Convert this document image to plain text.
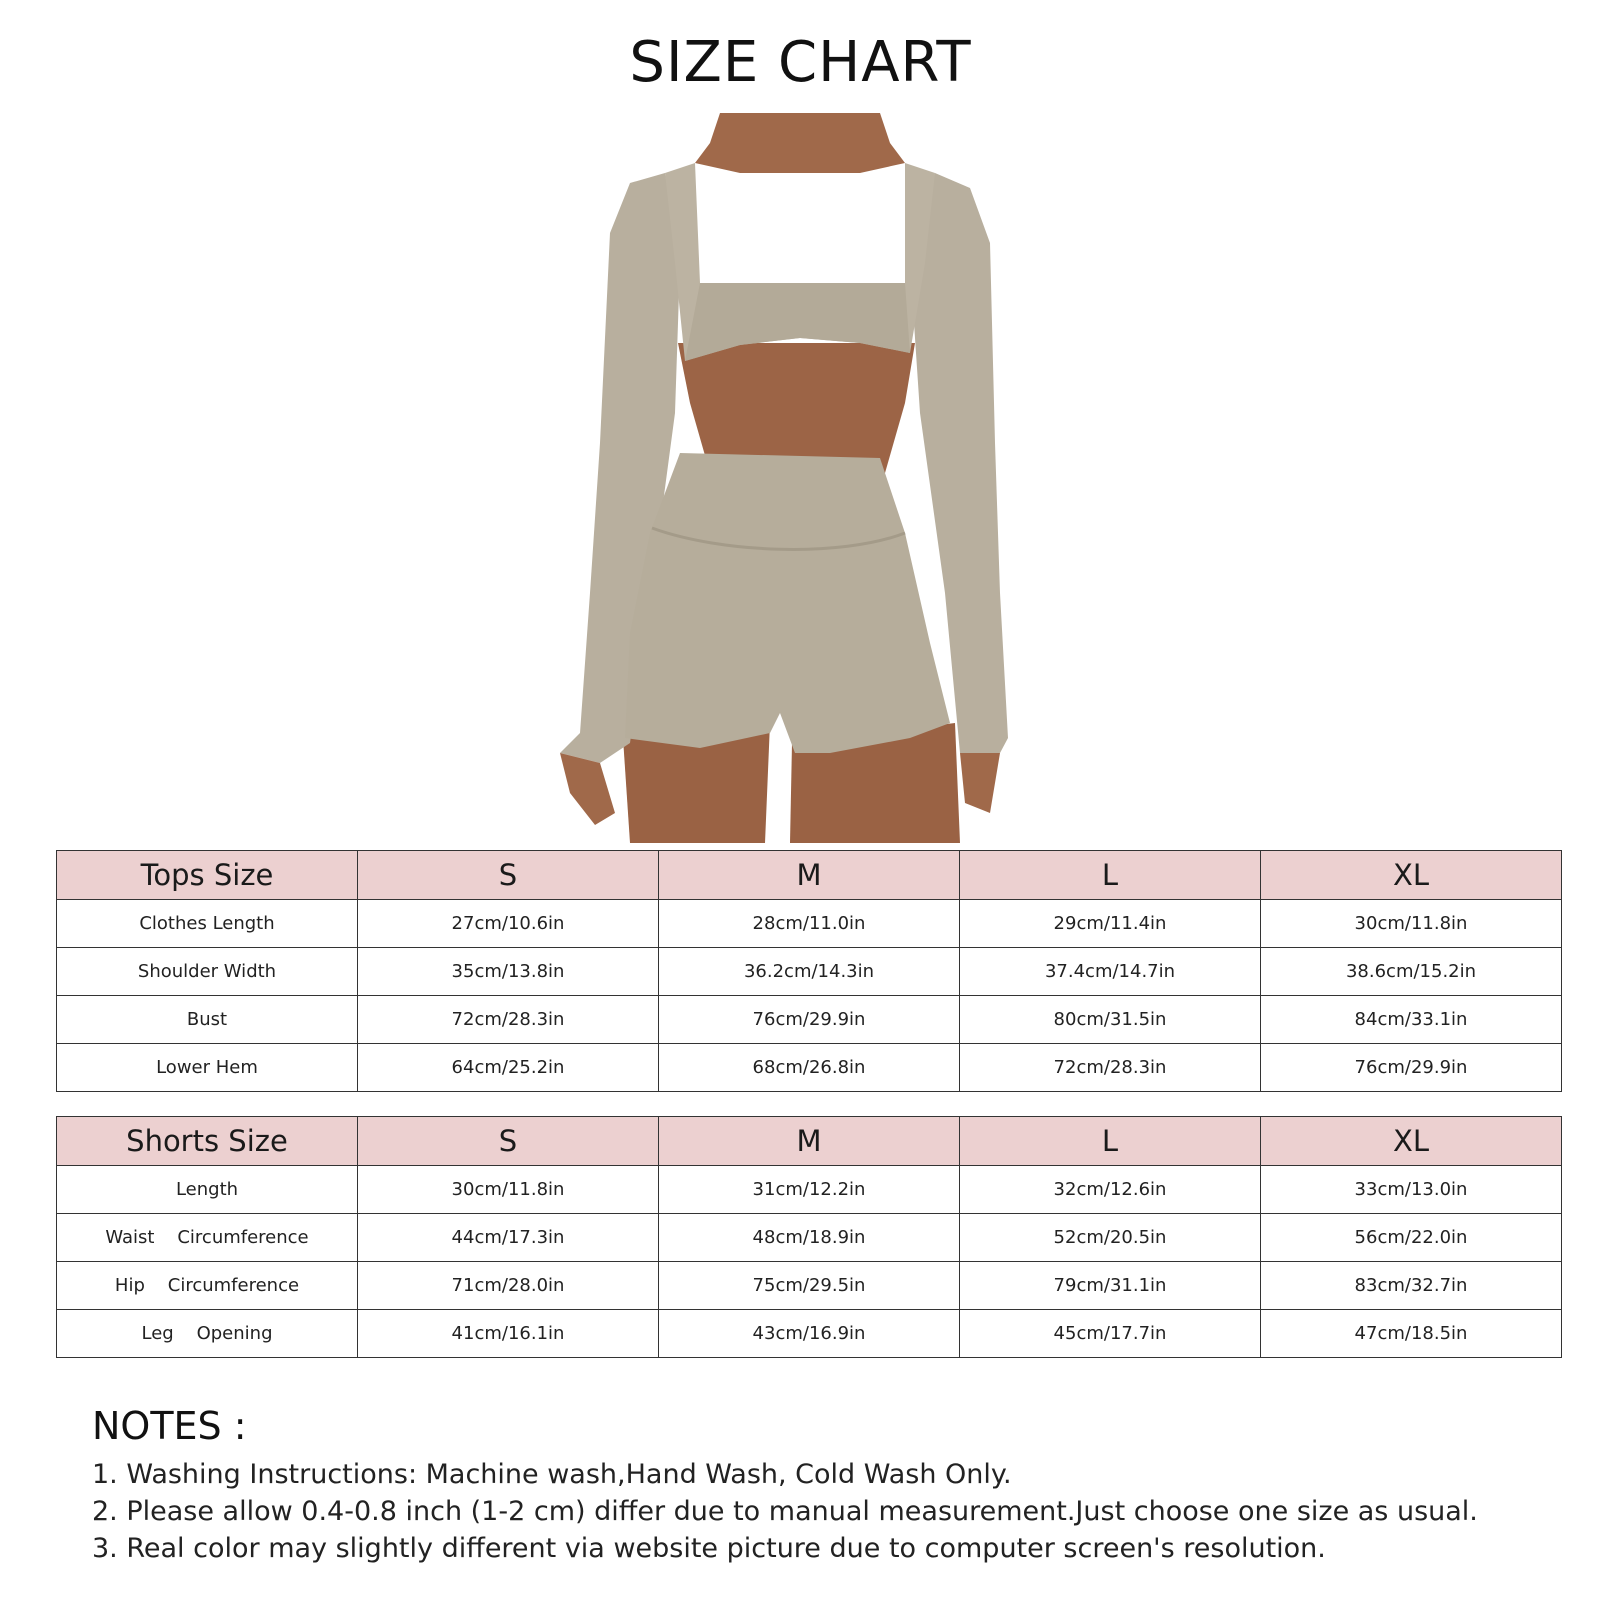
SIZE CHART
Tops Size	S	M	L	XL
Clothes Length	27cm/10.6in	28cm/11.0in	29cm/11.4in	30cm/11.8in
Shoulder Width	35cm/13.8in	36.2cm/14.3in	37.4cm/14.7in	38.6cm/15.2in
Bust	72cm/28.3in	76cm/29.9in	80cm/31.5in	84cm/33.1in
Lower Hem	64cm/25.2in	68cm/26.8in	72cm/28.3in	76cm/29.9in
Shorts Size	S	M	L	XL
Length	30cm/11.8in	31cm/12.2in	32cm/12.6in	33cm/13.0in
Waist    Circumference	44cm/17.3in	48cm/18.9in	52cm/20.5in	56cm/22.0in
Hip    Circumference	71cm/28.0in	75cm/29.5in	79cm/31.1in	83cm/32.7in
Leg    Opening	41cm/16.1in	43cm/16.9in	45cm/17.7in	47cm/18.5in
NOTES :
1. Washing Instructions: Machine wash,Hand Wash, Cold Wash Only.
2. Please allow 0.4-0.8 inch (1-2 cm) differ due to manual measurement.Just choose one size as usual.
3. Real color may slightly different via website picture due to computer screen's resolution.
